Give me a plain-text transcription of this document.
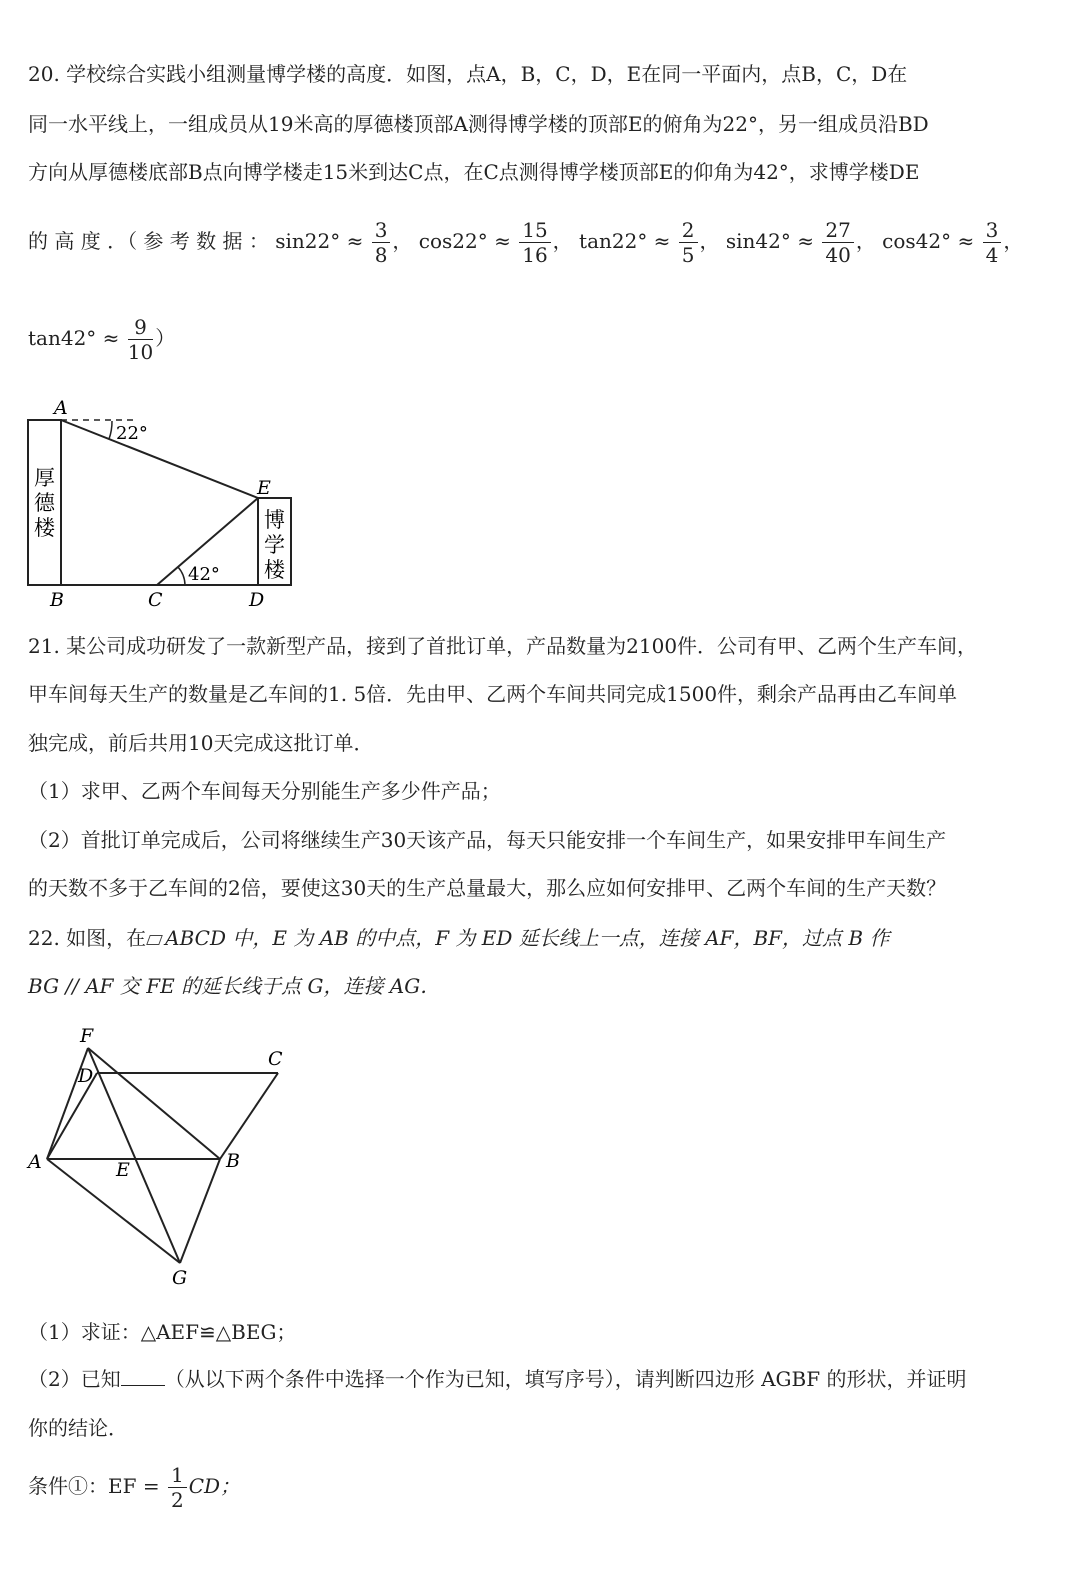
20. 学校综合实践小组测量博学楼的高度．如图，点A，B，C，D，E在同一平面内，点B，C，D在
同一水平线上，一组成员从19米高的厚德楼顶部A测得博学楼的顶部E的俯角为22°，另一组成员沿BD
方向从厚德楼底部B点向博学楼走15米到达C点，在C点测得博学楼顶部E的仰角为42°，求博学楼DE
的 高 度 ．（ 参 考 数 据 ： $\sin 22^\circ \approx \frac{3}{8}$ ， $\cos 22^\circ \approx \frac{15}{16}$ ， $\tan 22^\circ \approx \frac{2}{5}$ ， $\sin 42^\circ \approx \frac{27}{40}$ ， $\cos 42^\circ \approx \frac{3}{4}$ ，
$\tan 42^\circ \approx \frac{9}{10}$ ）
A
B	C	D
E
22°
42°
厚
德
楼	博
学
楼
21. 某公司成功研发了一款新型产品，接到了首批订单，产品数量为2100件．公司有甲、乙两个生产车间，
甲车间每天生产的数量是乙车间的1. 5倍．先由甲、乙两个车间共同完成1500件，剩余产品再由乙车间单
独完成，前后共用10天完成这批订单．
（1）求甲、乙两个车间每天分别能生产多少件产品；
（2）首批订单完成后，公司将继续生产30天该产品，每天只能安排一个车间生产，如果安排甲车间生产
的天数不多于乙车间的2倍，要使这30天的生产总量最大，那么应如何安排甲、乙两个车间的生产天数？
22. 如图，在 ABCD 中，E 为 AB 的中点，F 为 ED 延长线上一点，连接 AF，BF，过点 B 作
BG // AF 交 FE 的延长线于点 G，连接 AG．
F
D
C
A	E	B
G
（1）求证：△AEF≌△BEG；
（2）已知 （从以下两个条件中选择一个作为已知，填写序号），请判断四边形 AGBF 的形状，并证明
你的结论．
条件①：EF = $\frac{1}{2}$ CD；
